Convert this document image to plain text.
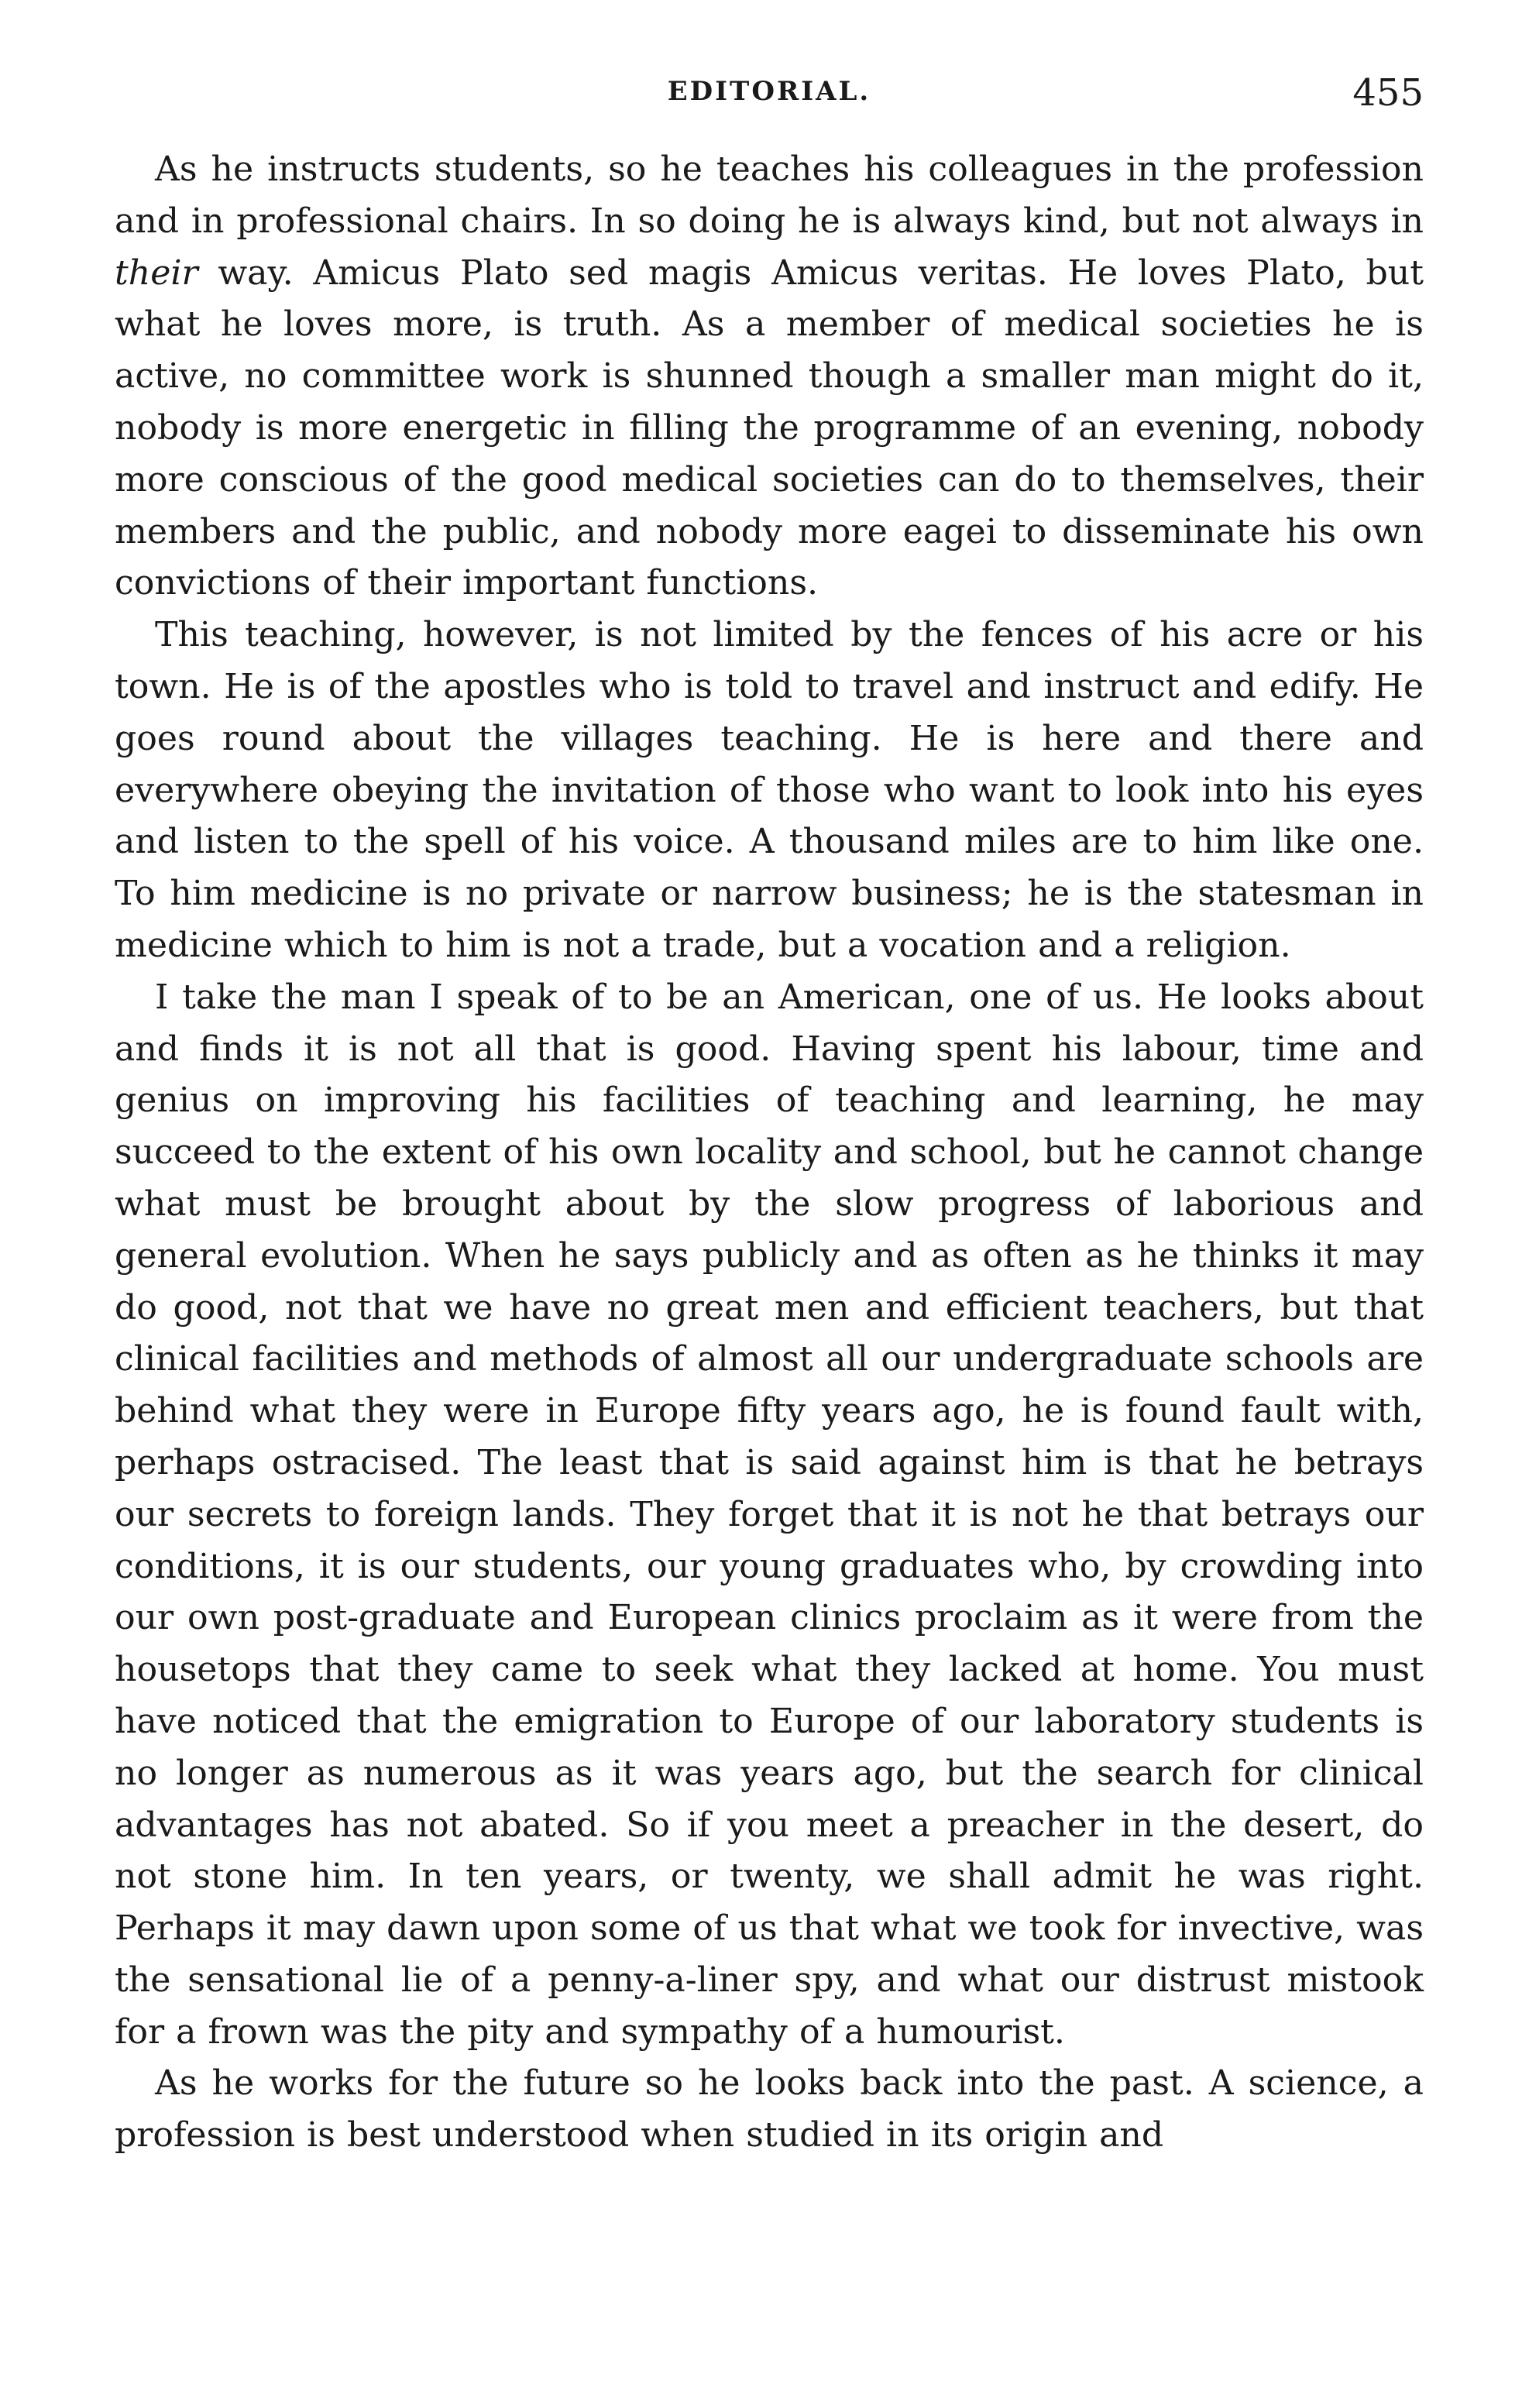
EDITORIAL.	455

As he instructs students, so he teaches his colleagues in the profession and in professional chairs. In so doing he is always kind, but not always in their way. Amicus Plato sed magis Amicus veritas. He loves Plato, but what he loves more, is truth. As a member of medical societies he is active, no committee work is shunned though a smaller man might do it, nobody is more energetic in filling the programme of an evening, nobody more conscious of the good medical societies can do to themselves, their members and the public, and nobody more eagei to disseminate his own convictions of their important functions.

This teaching, however, is not limited by the fences of his acre or his town. He is of the apostles who is told to travel and instruct and edify. He goes round about the villages teaching. He is here and there and everywhere obeying the invitation of those who want to look into his eyes and listen to the spell of his voice. A thousand miles are to him like one. To him medicine is no private or narrow business; he is the statesman in medicine which to him is not a trade, but a vocation and a religion.

I take the man I speak of to be an American, one of us. He looks about and finds it is not all that is good. Having spent his labour, time and genius on improving his facilities of teaching and learning, he may succeed to the extent of his own locality and school, but he cannot change what must be brought about by the slow progress of laborious and general evolution. When he says publicly and as often as he thinks it may do good, not that we have no great men and efficient teachers, but that clinical facilities and methods of almost all our undergraduate schools are behind what they were in Europe fifty years ago, he is found fault with, perhaps ostracised. The least that is said against him is that he betrays our secrets to foreign lands. They forget that it is not he that betrays our conditions, it is our students, our young graduates who, by crowding into our own post-graduate and European clinics proclaim as it were from the housetops that they came to seek what they lacked at home. You must have noticed that the emigration to Europe of our laboratory students is no longer as numerous as it was years ago, but the search for clinical advantages has not abated. So if you meet a preacher in the desert, do not stone him. In ten years, or twenty, we shall admit he was right. Perhaps it may dawn upon some of us that what we took for invective, was the sensational lie of a penny-a-liner spy, and what our distrust mistook for a frown was the pity and sympathy of a humourist.

As he works for the future so he looks back into the past. A science, a profession is best understood when studied in its origin and
